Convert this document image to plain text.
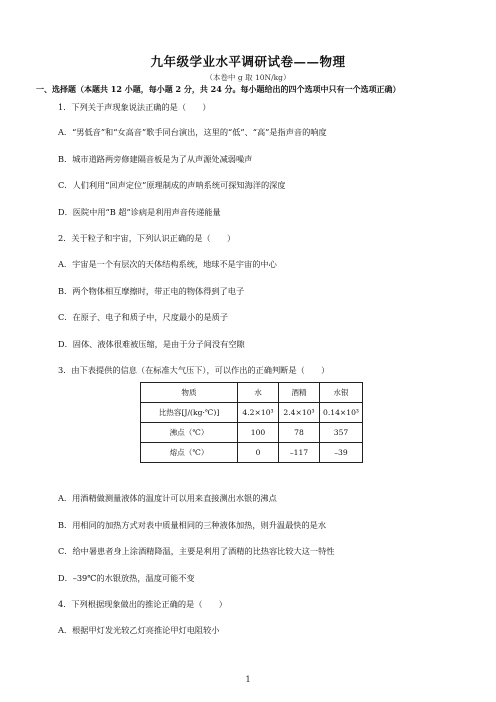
九年级学业水平调研试卷——物理
（本卷中 g 取 10N/kg）
一、选择题（本题共 12 小题，每小题 2 分，共 24 分。每小题给出的四个选项中只有一个选项正确）
1．下列关于声现象说法正确的是（　　）
A．“男低音”和“女高音”歌手同台演出，这里的“低”、“高”是指声音的响度
B．城市道路两旁修建隔音板是为了从声源处减弱噪声
C．人们利用“回声定位”原理制成的声呐系统可探知海洋的深度
D．医院中用“B 超”诊病是利用声音传递能量
2．关于粒子和宇宙，下列认识正确的是（　　）
A．宇宙是一个有层次的天体结构系统，地球不是宇宙的中心
B．两个物体相互摩擦时，带正电的物体得到了电子
C．在原子、电子和质子中，尺度最小的是质子
D．固体、液体很难被压缩，是由于分子间没有空隙
3．由下表提供的信息（在标准大气压下），可以作出的正确判断是（　　）
物质	水	酒精	水银
比热容[J/(kg·℃)]	4.2×10³	2.4×10³	0.14×10³
沸点（℃）	100	78	357
熔点（℃）	0	–117	–39
A．用酒精做测量液体的温度计可以用来直接测出水银的沸点
B．用相同的加热方式对表中质量相同的三种液体加热，则升温最快的是水
C．给中暑患者身上涂酒精降温，主要是利用了酒精的比热容比较大这一特性
D．–39℃的水银放热，温度可能不变
4．下列根据现象做出的推论正确的是（　　）
A．根据甲灯发光较乙灯亮推论甲灯电阻较小
1
